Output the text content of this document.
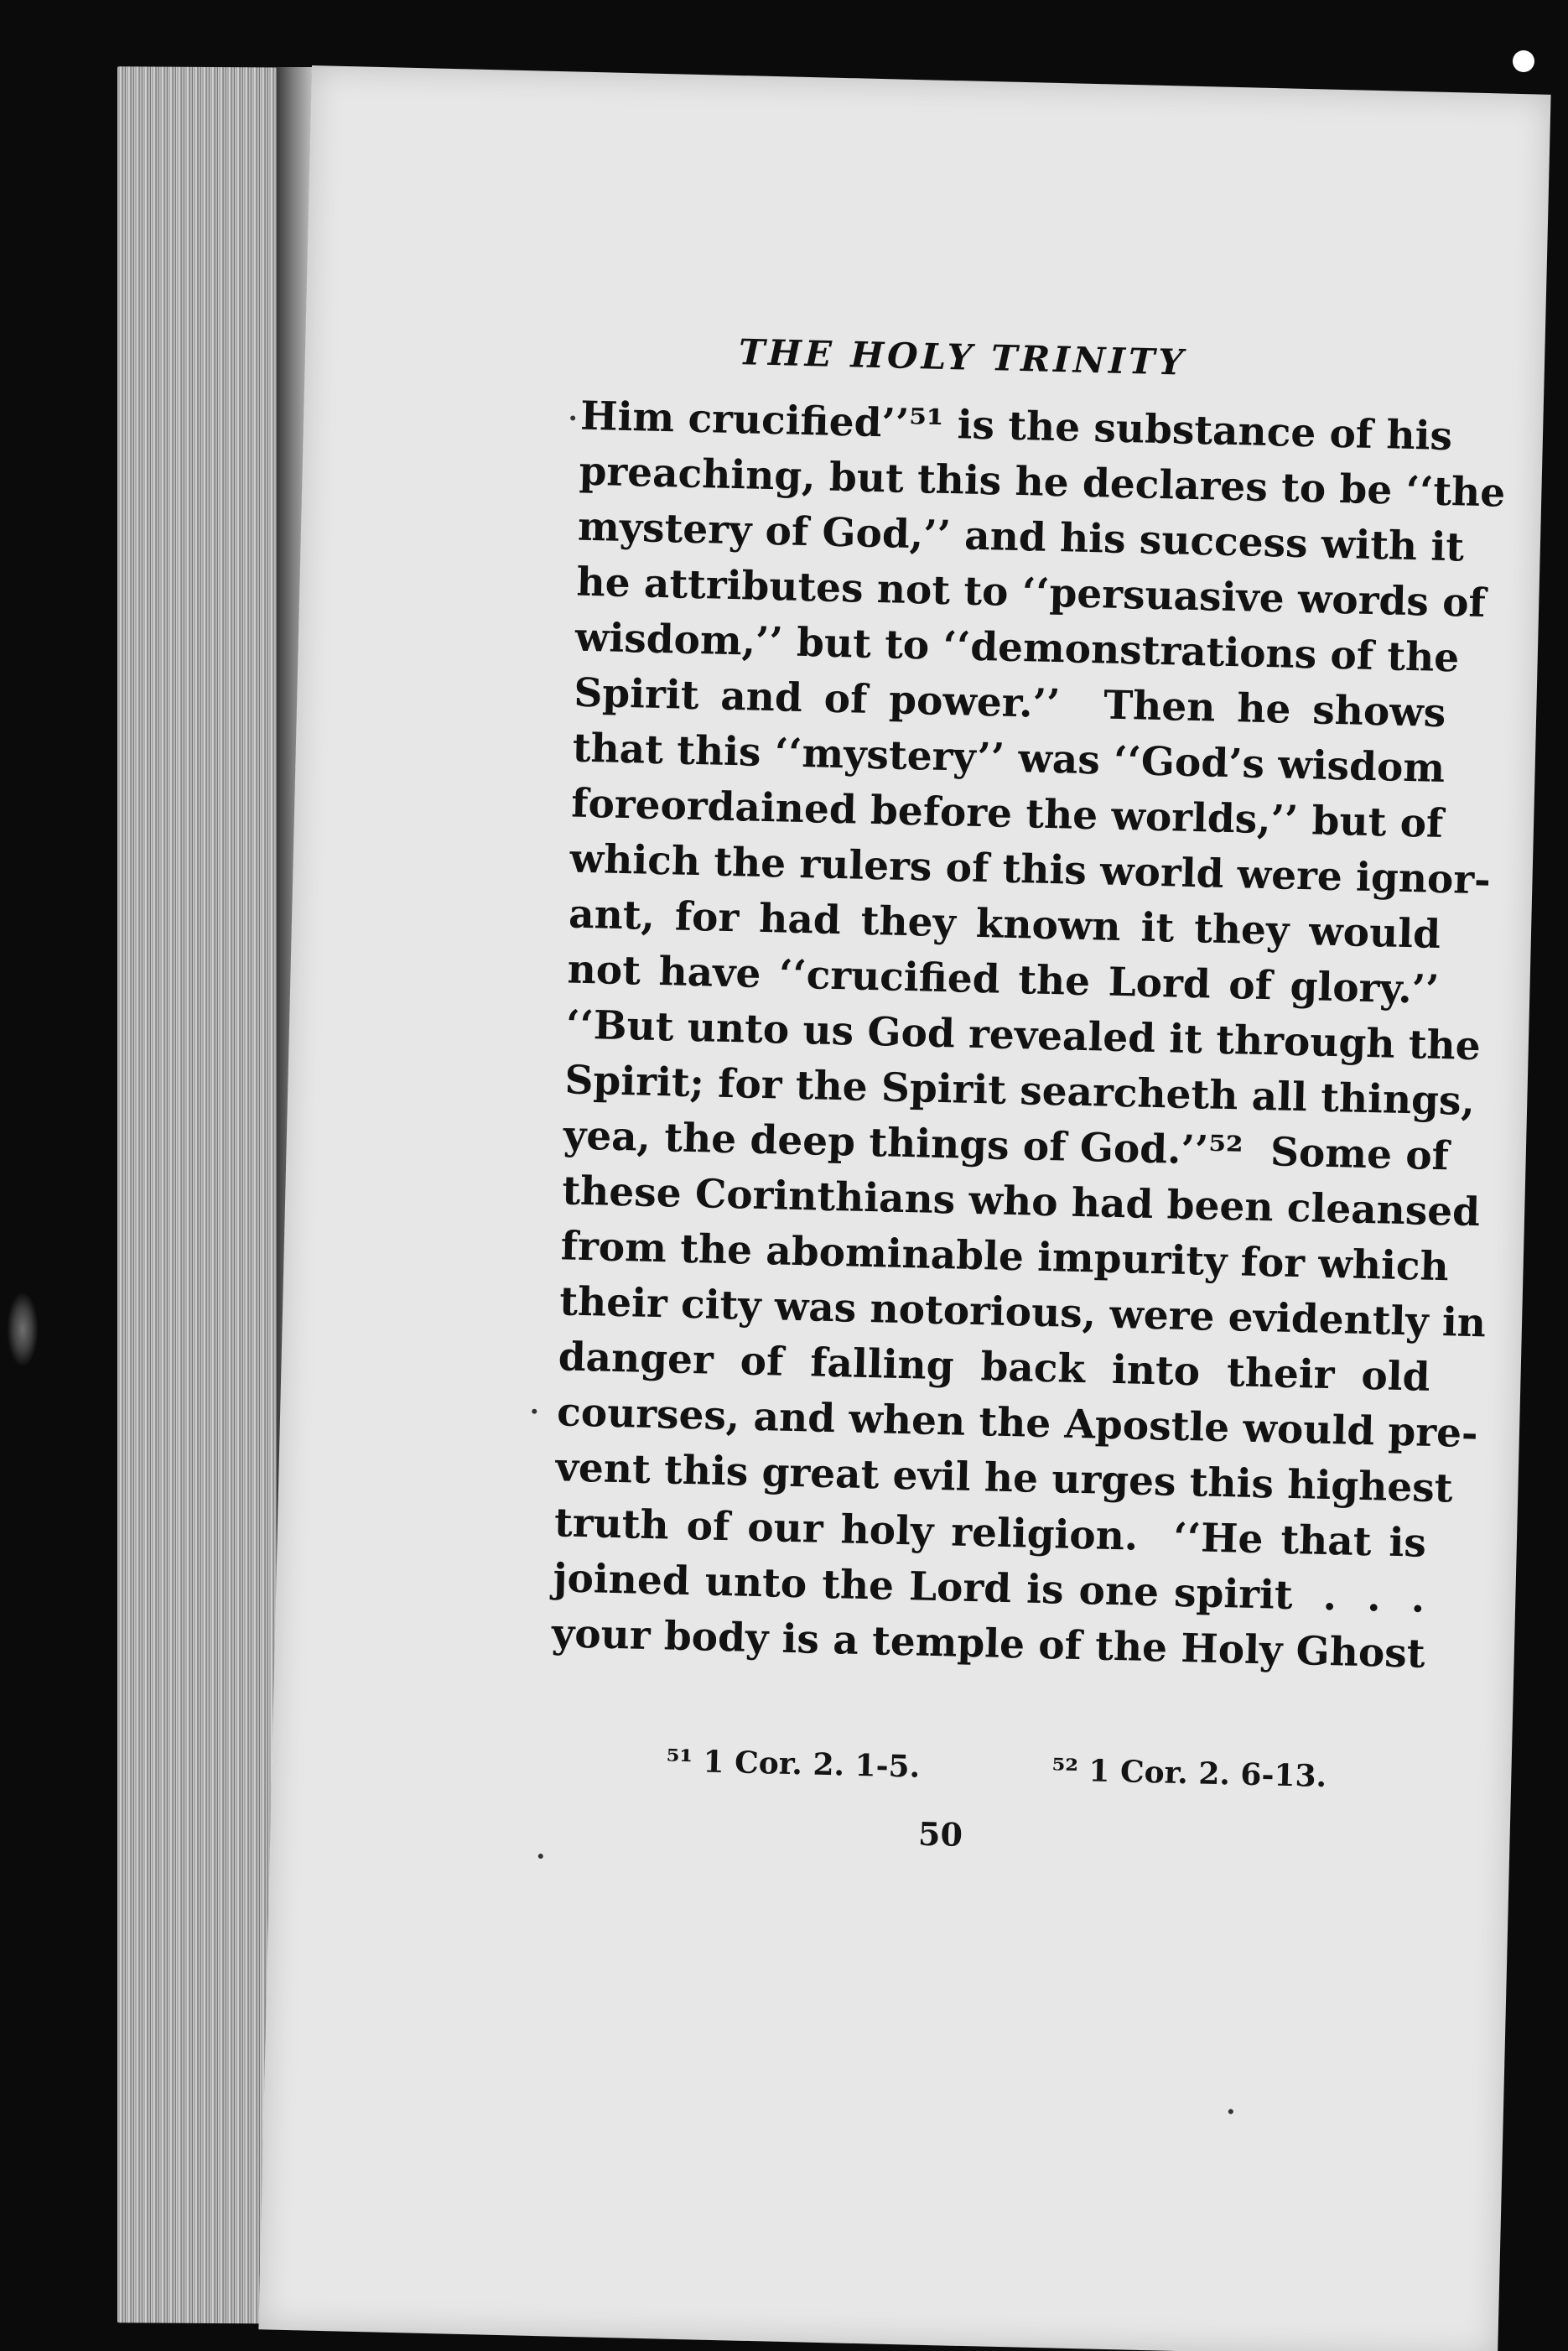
THE HOLY TRINITY
Him crucified’’⁵¹ is the substance of his
preaching, but this he declares to be ‘‘the
mystery of God,’’ and his success with it
he attributes not to ‘‘persuasive words of
wisdom,’’ but to ‘‘demonstrations of the
Spirit and of power.’’  Then he shows
that this ‘‘mystery’’ was ‘‘God’s wisdom
foreordained before the worlds,’’ but of
which the rulers of this world were ignor-
ant, for had they known it they would
not have ‘‘crucified the Lord of glory.’’
‘‘But unto us God revealed it through the
Spirit; for the Spirit searcheth all things,
yea, the deep things of God.’’⁵²  Some of
these Corinthians who had been cleansed
from the abominable impurity for which
their city was notorious, were evidently in
danger of falling back into their old
courses, and when the Apostle would pre-
vent this great evil he urges this highest
truth of our holy religion.  ‘‘He that is
joined unto the Lord is one spirit  .  .  .
your body is a temple of the Holy Ghost
⁵¹ 1 Cor. 2. 1-5.	⁵² 1 Cor. 2. 6-13.
50
